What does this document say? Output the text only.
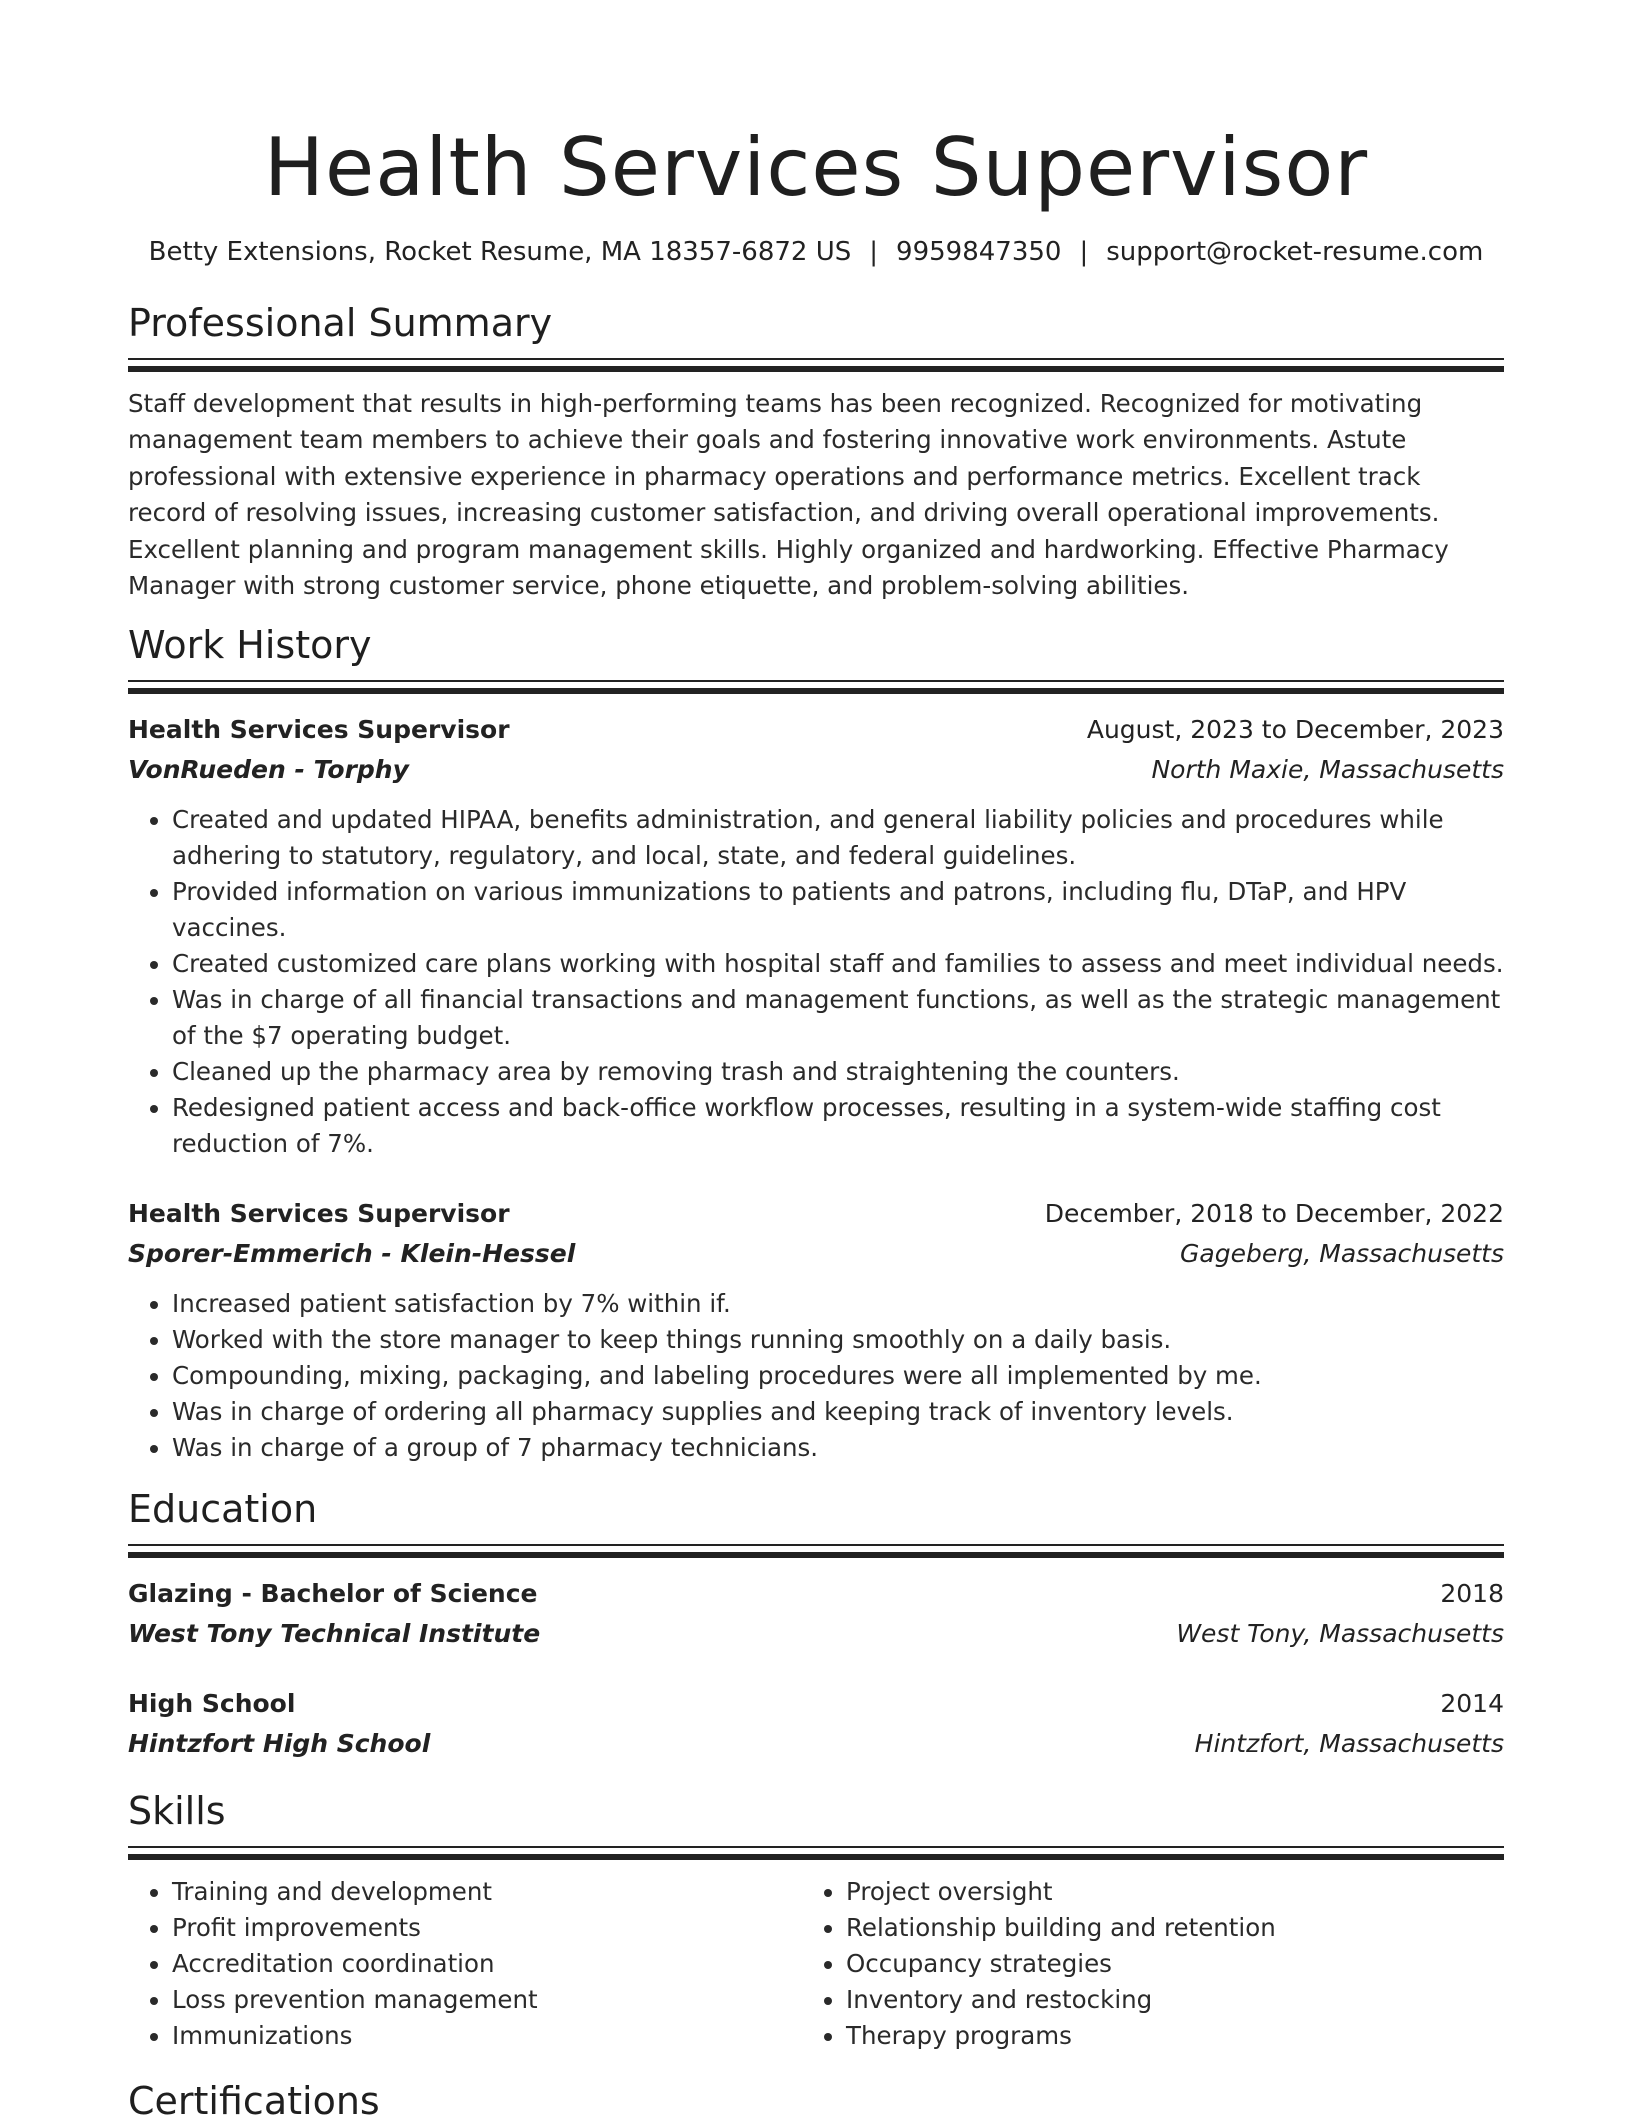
Health Services Supervisor
Betty Extensions, Rocket Resume, MA 18357-6872 US | 9959847350 | support@rocket-resume.com
Professional Summary

Staff development that results in high-performing teams has been recognized. Recognized for motivating management team members to achieve their goals and fostering innovative work environments. Astute professional with extensive experience in pharmacy operations and performance metrics. Excellent track record of resolving issues, increasing customer satisfaction, and driving overall operational improvements. Excellent planning and program management skills. Highly organized and hardworking. Effective Pharmacy Manager with strong customer service, phone etiquette, and problem-solving abilities.

Work History
Health Services Supervisor	August, 2023 to December, 2023
VonRueden - Torphy	North Maxie, Massachusetts
• Created and updated HIPAA, benefits administration, and general liability policies and procedures while adhering to statutory, regulatory, and local, state, and federal guidelines.
• Provided information on various immunizations to patients and patrons, including flu, DTaP, and HPV vaccines.
• Created customized care plans working with hospital staff and families to assess and meet individual needs.
• Was in charge of all financial transactions and management functions, as well as the strategic management of the $7 operating budget.
• Cleaned up the pharmacy area by removing trash and straightening the counters.
• Redesigned patient access and back-office workflow processes, resulting in a system-wide staffing cost reduction of 7%.
Health Services Supervisor	December, 2018 to December, 2022
Sporer-Emmerich - Klein-Hessel	Gageberg, Massachusetts
• Increased patient satisfaction by 7% within if.
• Worked with the store manager to keep things running smoothly on a daily basis.
• Compounding, mixing, packaging, and labeling procedures were all implemented by me.
• Was in charge of ordering all pharmacy supplies and keeping track of inventory levels.
• Was in charge of a group of 7 pharmacy technicians.
Education
Glazing - Bachelor of Science	2018
West Tony Technical Institute	West Tony, Massachusetts
High School	2014
Hintzfort High School	Hintzfort, Massachusetts
Skills
• Training and development
• Profit improvements
• Accreditation coordination
• Loss prevention management
• Immunizations
• Project oversight
• Relationship building and retention
• Occupancy strategies
• Inventory and restocking
• Therapy programs
Certifications
